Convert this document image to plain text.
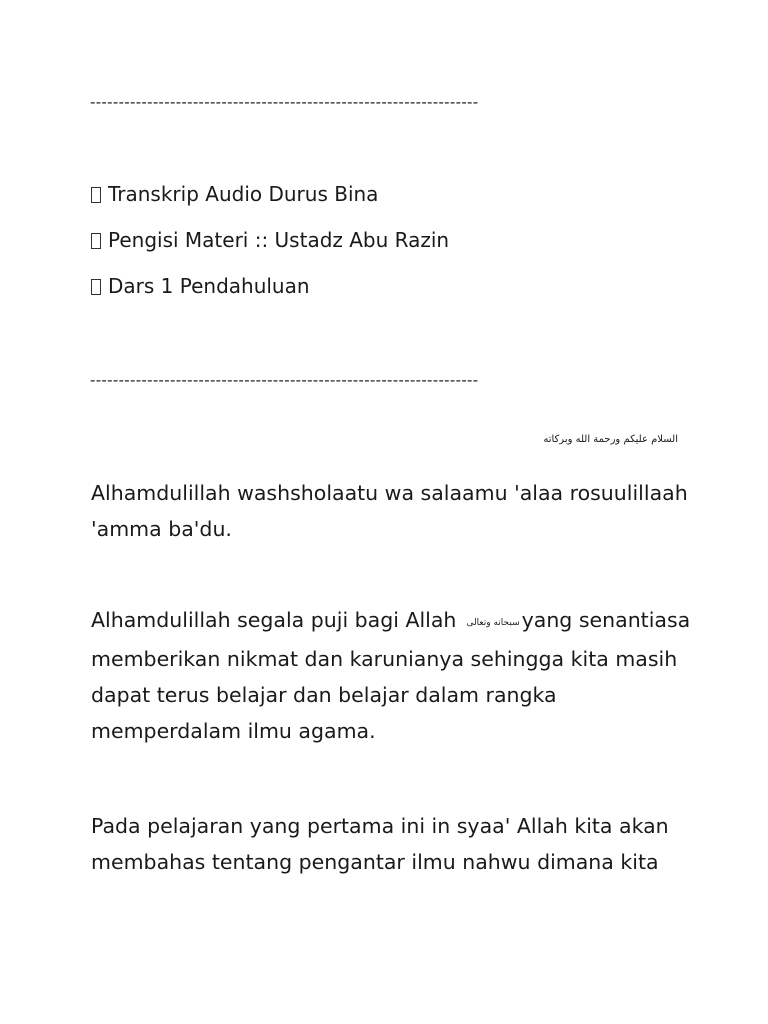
--------------------------------------------------------------------
Transkrip Audio Durus Bina
Pengisi Materi :: Ustadz Abu Razin
Dars 1 Pendahuluan
--------------------------------------------------------------------
السلام عليكم ورحمة الله وبركاته

Alhamdulillah washsholaatu wa salaamu 'alaa rosuulillaah 'amma ba'du.

Alhamdulillah segala puji bagi Allah سبحانه وتعالىyang senantiasa memberikan nikmat dan karunianya sehingga kita masih dapat terus belajar dan belajar dalam rangka memperdalam ilmu agama.

Pada pelajaran yang pertama ini in syaa' Allah kita akan membahas tentang pengantar ilmu nahwu dimana kita
